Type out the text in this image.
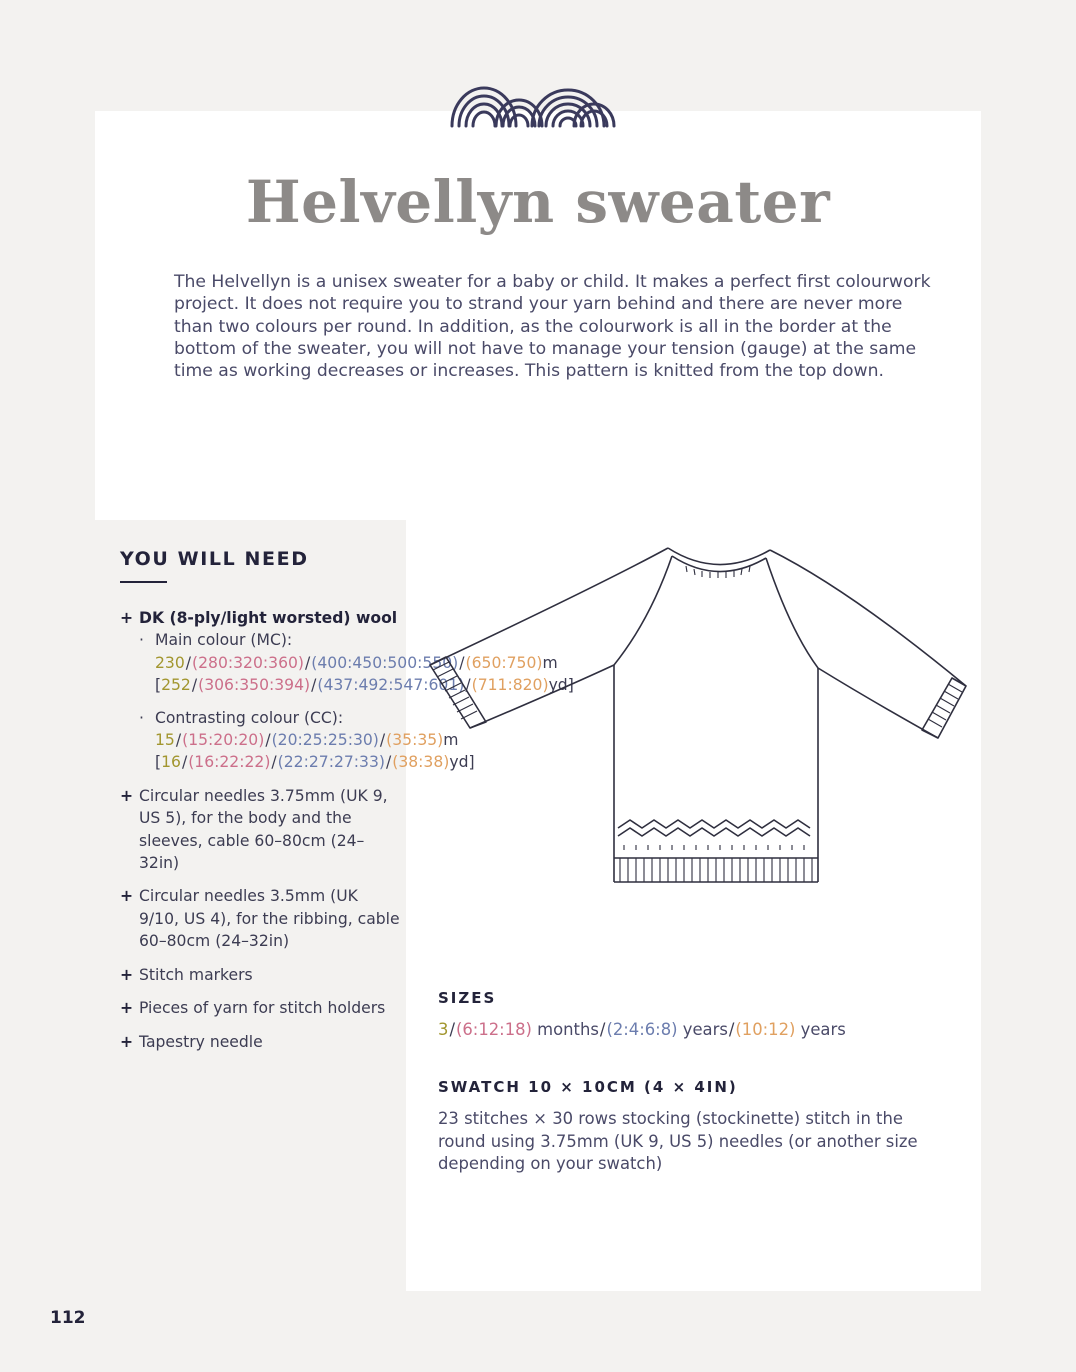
Helvellyn sweater

The Helvellyn is a unisex sweater for a baby or child. It makes a perfect first colourwork project. It does not require you to strand your yarn behind and there are never more than two colours per round. In addition, as the colourwork is all in the border at the bottom of the sweater, you will not have to manage your tension (gauge) at the same time as working decreases or increases. This pattern is knitted from the top down.

YOU WILL NEED
+ DK (8-ply/light worsted) wool
· Main colour (MC):
230/(280:320:360)/(400:450:500:550)/(650:750)m
[252/(306:350:394)/(437:492:547:601)/(711:820)yd]
· Contrasting colour (CC):
15/(15:20:20)/(20:25:25:30)/(35:35)m
[16/(16:22:22)/(22:27:27:33)/(38:38)yd]
+ Circular needles 3.75mm (UK 9, US 5), for the body and the sleeves, cable 60–80cm (24–32in)
+ Circular needles 3.5mm (UK 9/10, US 4), for the ribbing, cable 60–80cm (24–32in)
+ Stitch markers
+ Pieces of yarn for stitch holders
+ Tapestry needle
SIZES

3/(6:12:18) months/(2:4:6:8) years/(10:12) years

SWATCH 10 × 10CM (4 × 4IN)

23 stitches × 30 rows stocking (stockinette) stitch in the round using 3.75mm (UK 9, US 5) needles (or another size depending on your swatch)

112
